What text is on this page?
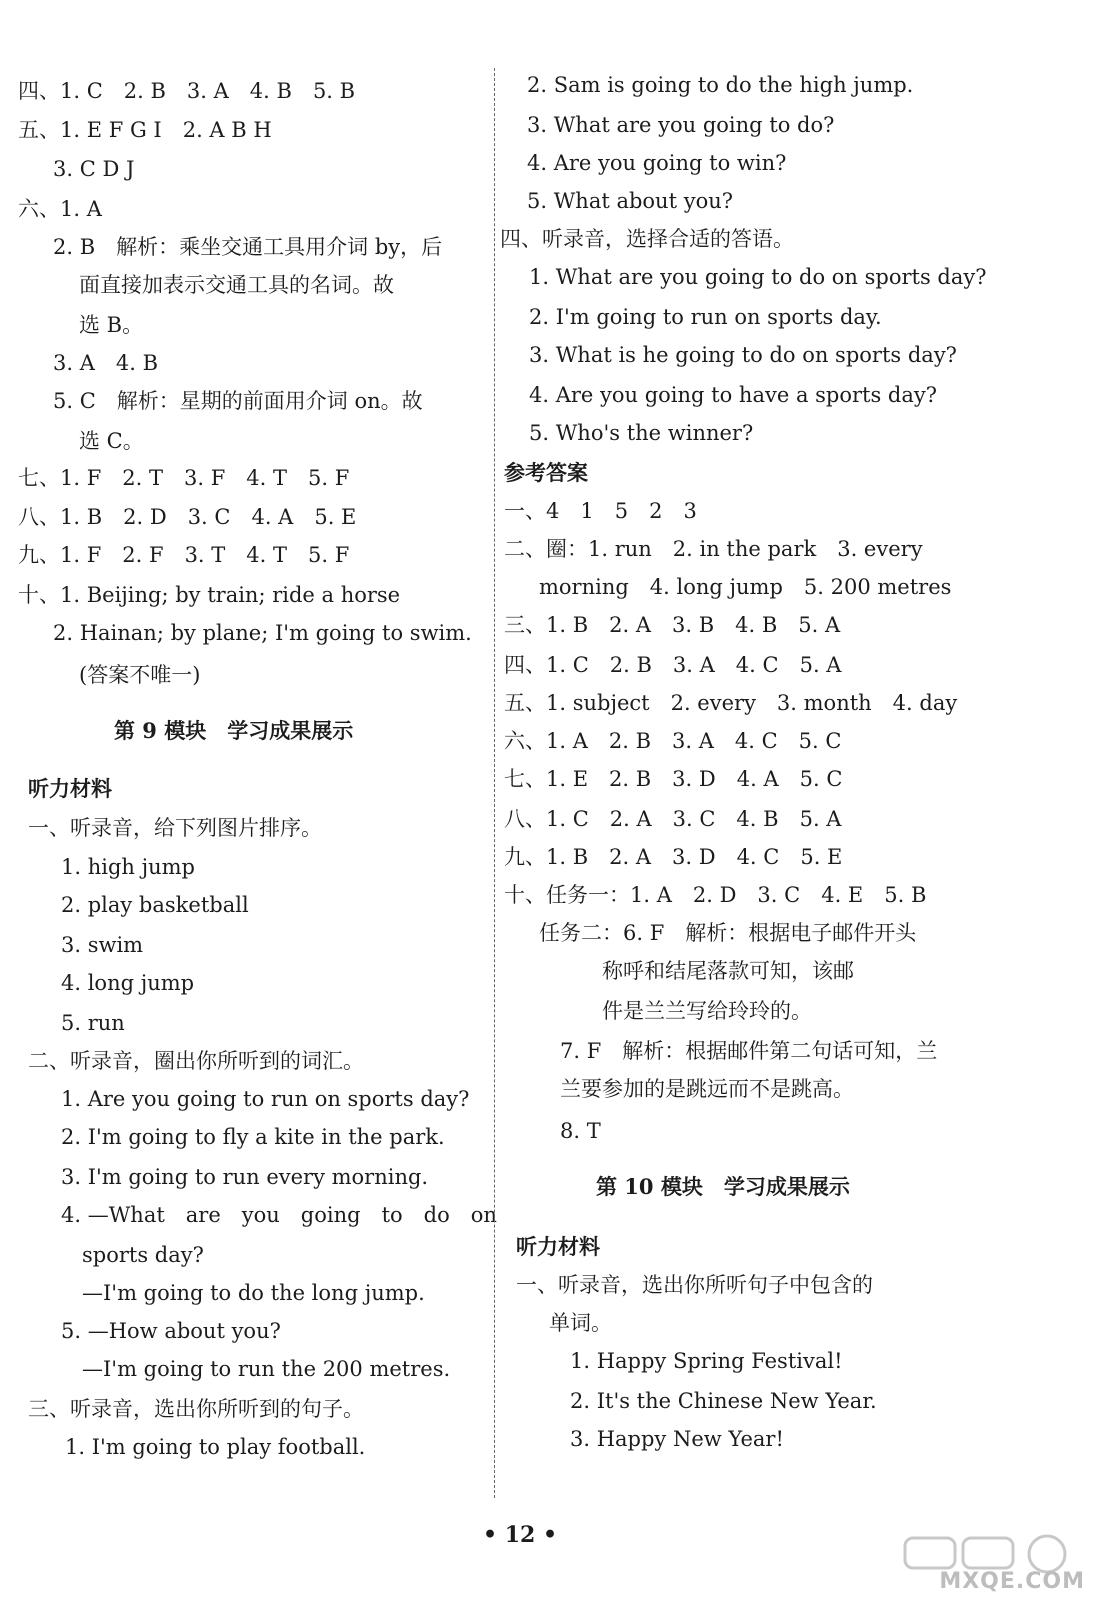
四、1. C　2. B　3. A　4. B　5. B
五、1. E F G I　2. A B H
　3. C D J
六、1. A
　2. B　解析：乘坐交通工具用介词 by，后
　面直接加表示交通工具的名词。故
　选 B。
　3. A　4. B
　5. C　解析：星期的前面用介词 on。故
　选 C。
七、1. F　2. T　3. F　4. T　5. F
八、1. B　2. D　3. C　4. A　5. E
九、1. F　2. F　3. T　4. T　5. F
十、1. Beijing; by train; ride a horse
　2. Hainan; by plane; I'm going to swim.
　(答案不唯一)
第 9 模块　学习成果展示
听力材料
一、听录音，给下列图片排序。
　1. high jump
　2. play basketball
　3. swim
　4. long jump
　5. run
二、听录音，圈出你所听到的词汇。
　1. Are you going to run on sports day?
　2. I'm going to fly a kite in the park.
　3. I'm going to run every morning.
　4. —What　are　you　going　to　do　on
　　sports day?
　　—I'm going to do the long jump.
　5. —How about you?
　　—I'm going to run the 200 metres.
三、听录音，选出你所听到的句子。
　1. I'm going to play football.
　2. Sam is going to do the high jump.
　3. What are you going to do?
　4. Are you going to win?
　5. What about you?
四、听录音，选择合适的答语。
　1. What are you going to do on sports day?
　2. I'm going to run on sports day.
　3. What is he going to do on sports day?
　4. Are you going to have a sports day?
　5. Who's the winner?
参考答案
一、4　1　5　2　3
二、圈：1. run　2. in the park　3. every
　morning　4. long jump　5. 200 metres
三、1. B　2. A　3. B　4. B　5. A
四、1. C　2. B　3. A　4. C　5. A
五、1. subject　2. every　3. month　4. day
六、1. A　2. B　3. A　4. C　5. C
七、1. E　2. B　3. D　4. A　5. C
八、1. C　2. A　3. C　4. B　5. A
九、1. B　2. A　3. D　4. C　5. E
十、任务一：1. A　2. D　3. C　4. E　5. B
　任务二：6. F　解析：根据电子邮件开头
　　　　称呼和结尾落款可知，该邮
　　　　件是兰兰写给玲玲的。
　　7. F　解析：根据邮件第二句话可知，兰
　　兰要参加的是跳远而不是跳高。
　　8. T
第 10 模块　学习成果展示
听力材料
一、听录音，选出你所听句子中包含的
　单词。
　　1. Happy Spring Festival!
　　2. It's the Chinese New Year.
　　3. Happy New Year!
• 12 •
MXQE.COM
